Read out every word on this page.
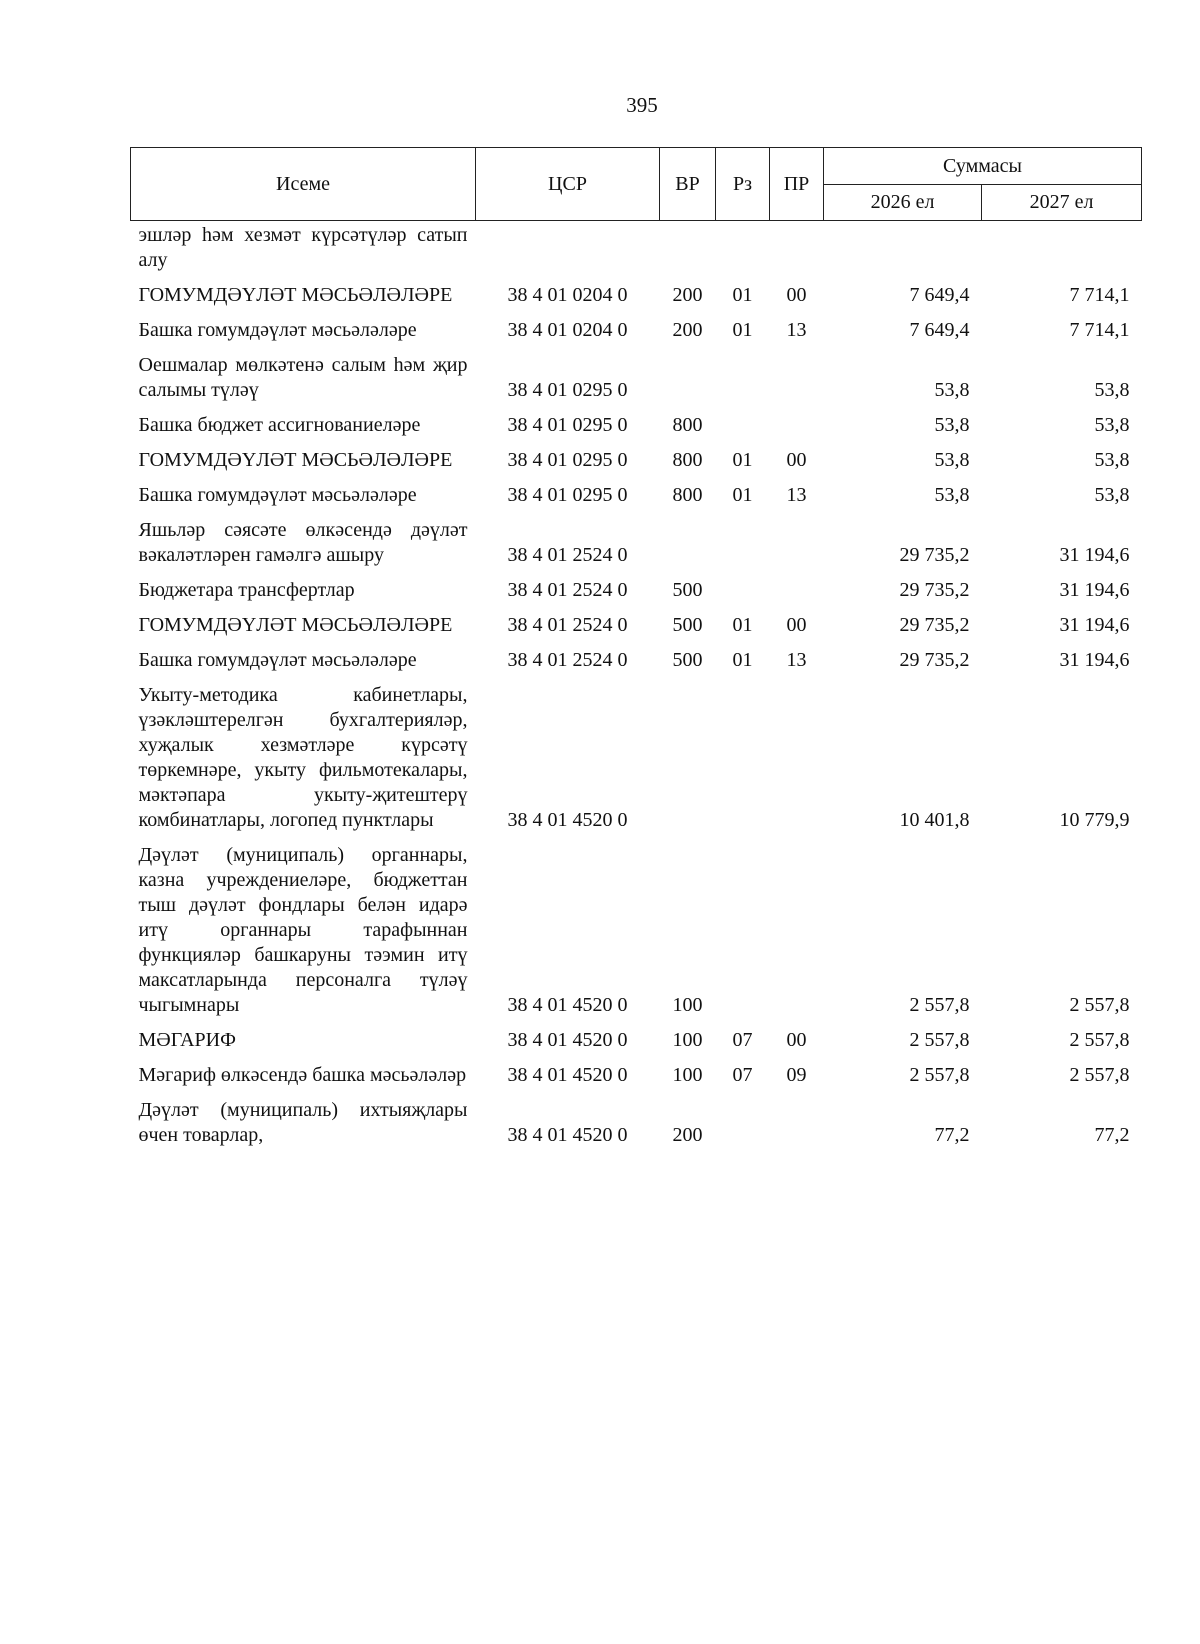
395
Исеме	ЦСР	ВР	Рз	ПР	Суммасы	
					2026 ел	2027 ел
эшләр һәм хезмәт күрсәтүләр сатып алу						
ГОМУМДӘҮЛӘТ МӘСЬӘЛӘЛӘРЕ	38 4 01 0204 0	200	01	00	7 649,4	7 714,1
Башка гомумдәүләт мәсьәләләре	38 4 01 0204 0	200	01	13	7 649,4	7 714,1
Оешмалар мөлкәтенә салым һәм җир салымы түләү	38 4 01 0295 0				53,8	53,8
Башка бюджет ассигнованиеләре	38 4 01 0295 0	800			53,8	53,8
ГОМУМДӘҮЛӘТ МӘСЬӘЛӘЛӘРЕ	38 4 01 0295 0	800	01	00	53,8	53,8
Башка гомумдәүләт мәсьәләләре	38 4 01 0295 0	800	01	13	53,8	53,8
Яшьләр сәясәте өлкәсендә дәүләт вәкаләтләрен гамәлгә ашыру	38 4 01 2524 0				29 735,2	31 194,6
Бюджетара трансфертлар	38 4 01 2524 0	500			29 735,2	31 194,6
ГОМУМДӘҮЛӘТ МӘСЬӘЛӘЛӘРЕ	38 4 01 2524 0	500	01	00	29 735,2	31 194,6
Башка гомумдәүләт мәсьәләләре	38 4 01 2524 0	500	01	13	29 735,2	31 194,6
Укыту-методика кабинетлары, үзәкләштерелгән бухгалтерияләр, хуҗалык хезмәтләре күрсәтү төркемнәре, укыту фильмотекалары, мәктәпара укыту-җитештерү комбинатлары, логопед пунктлары	38 4 01 4520 0				10 401,8	10 779,9
Дәүләт (муниципаль) органнары, казна учреждениеләре, бюджеттан тыш дәүләт фондлары белән идарә итү органнары тарафыннан функцияләр башкаруны тәэмин итү максатларында персоналга түләү чыгымнары	38 4 01 4520 0	100			2 557,8	2 557,8
МӘГАРИФ	38 4 01 4520 0	100	07	00	2 557,8	2 557,8
Мәгариф өлкәсендә башка мәсьәләләр	38 4 01 4520 0	100	07	09	2 557,8	2 557,8
Дәүләт (муниципаль) ихтыяҗлары өчен товарлар,	38 4 01 4520 0	200			77,2	77,2
